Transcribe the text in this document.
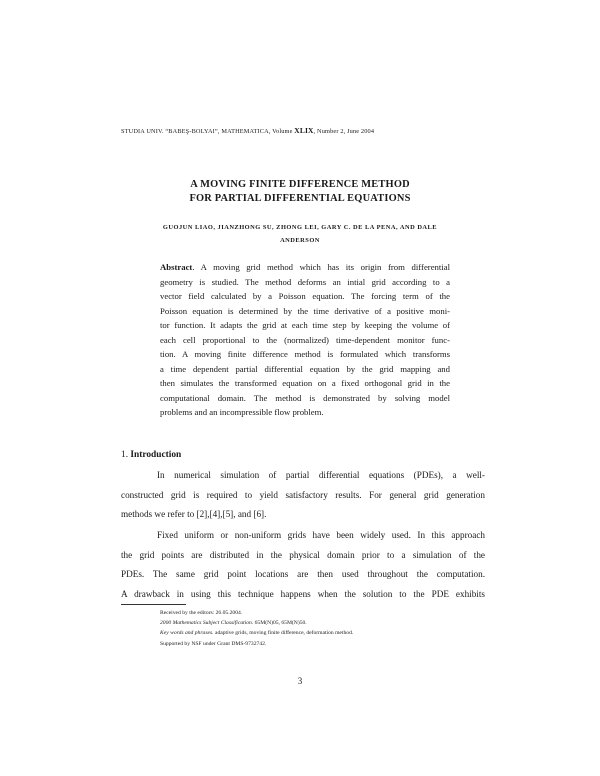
STUDIA UNIV. “BABEŞ-BOLYAI”, MATHEMATICA, Volume XLIX, Number 2, June 2004
A MOVING FINITE DIFFERENCE METHOD
FOR PARTIAL DIFFERENTIAL EQUATIONS
GUOJUN LIAO, JIANZHONG SU, ZHONG LEI, GARY C. DE LA PENA, AND DALE
ANDERSON
Abstract. A moving grid method which has its origin from differential
geometry is studied. The method deforms an intial grid according to a
vector field calculated by a Poisson equation. The forcing term of the
Poisson equation is determined by the time derivative of a positive moni-
tor function. It adapts the grid at each time step by keeping the volume of
each cell proportional to the (normalized) time-dependent monitor func-
tion. A moving finite difference method is formulated which transforms
a time dependent partial differential equation by the grid mapping and
then simulates the transformed equation on a fixed orthogonal grid in the
computational domain. The method is demonstrated by solving model
problems and an incompressible flow problem.
1. Introduction
In numerical simulation of partial differential equations (PDEs), a well-
constructed grid is required to yield satisfactory results. For general grid generation
methods we refer to [2],[4],[5], and [6].
Fixed uniform or non-uniform grids have been widely used. In this approach
the grid points are distributed in the physical domain prior to a simulation of the
PDEs. The same grid point locations are then used throughout the computation.
A drawback in using this technique happens when the solution to the PDE exhibits
Received by the editors: 26.05.2004.
2000 Mathematics Subject Classification. 65M(N)05, 65M(N)50.
Key words and phrases. adaptive grids, moving finite difference, deformation method.
Supported by NSF under Grant DMS-9732742.
3
